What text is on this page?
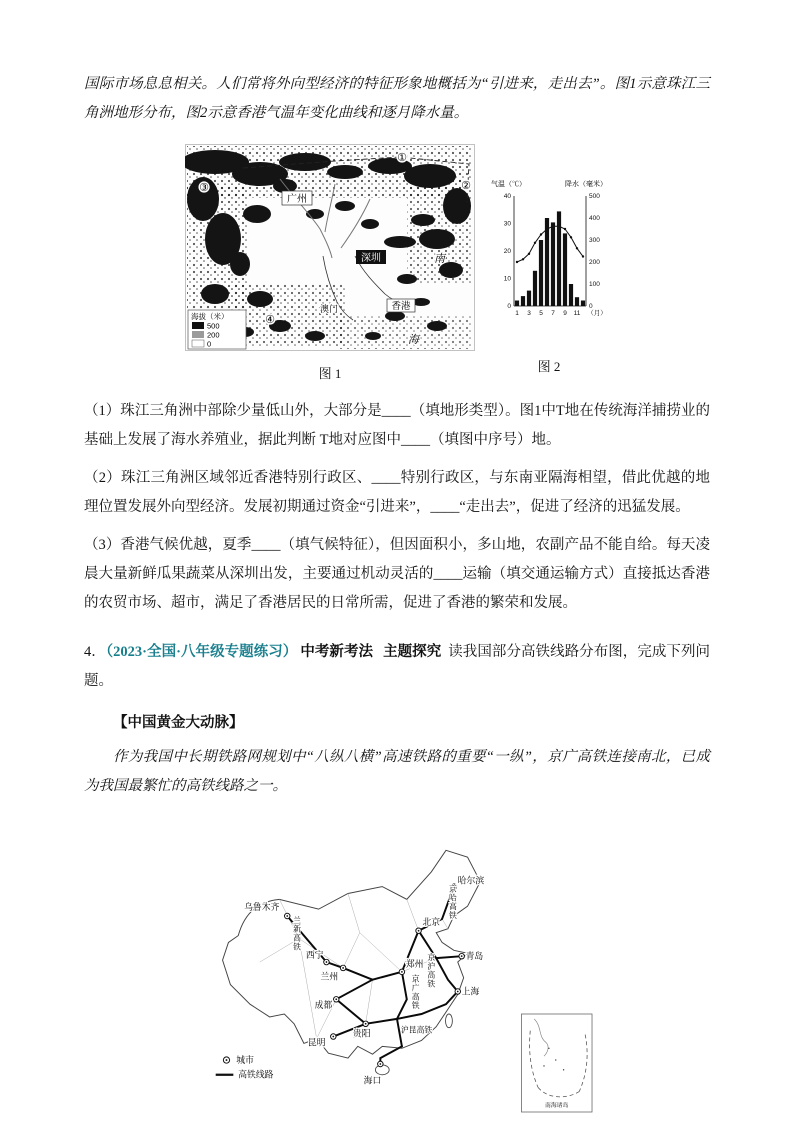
国际市场息息相关。人们常将外向型经济的特征形象地概括为“引进来，走出去”。图1示意珠江三角洲地形分布，图2示意香港气温年变化曲线和逐月降水量。

①
②
③
④
广州
深圳
澳门	香港
南
海
海拔（米）
500
200
0
图 1
气温（℃）	降水（毫米）
0
10
20
30
40
0
100
200
300
400
500
1 3 5 7 9 11 （月）
图 2

（1）珠江三角洲中部除少量低山外，大部分是____（填地形类型）。图1中T地在传统海洋捕捞业的基础上发展了海水养殖业，据此判断 T地对应图中____（填图中序号）地。

（2）珠江三角洲区域邻近香港特别行政区、____特别行政区，与东南亚隔海相望，借此优越的地理位置发展外向型经济。发展初期通过资金“引进来”，____“走出去”，促进了经济的迅猛发展。

（3）香港气候优越，夏季____（填气候特征），但因面积小，多山地，农副产品不能自给。每天凌晨大量新鲜瓜果蔬菜从深圳出发，主要通过机动灵活的____运输（填交通运输方式）直接抵达香港的农贸市场、超市，满足了香港居民的日常所需，促进了香港的繁荣和发展。

4．（2023·全国·八年级专题练习） 中考新考法 主题探究 读我国部分高铁线路分布图，完成下列问题。

【中国黄金大动脉】

作为我国中长期铁路网规划中“八纵八横”高速铁路的重要“一纵”，京广高铁连接南北，已成为我国最繁忙的高铁线路之一。

乌鲁木齐
哈尔滨
北京
青岛
西宁
兰州
郑州
上海
成都
贵阳
昆明
海口
兰新高铁
京哈高铁
京沪高铁
京广高铁
沪昆高铁
城市
高铁线路
南海诸岛
